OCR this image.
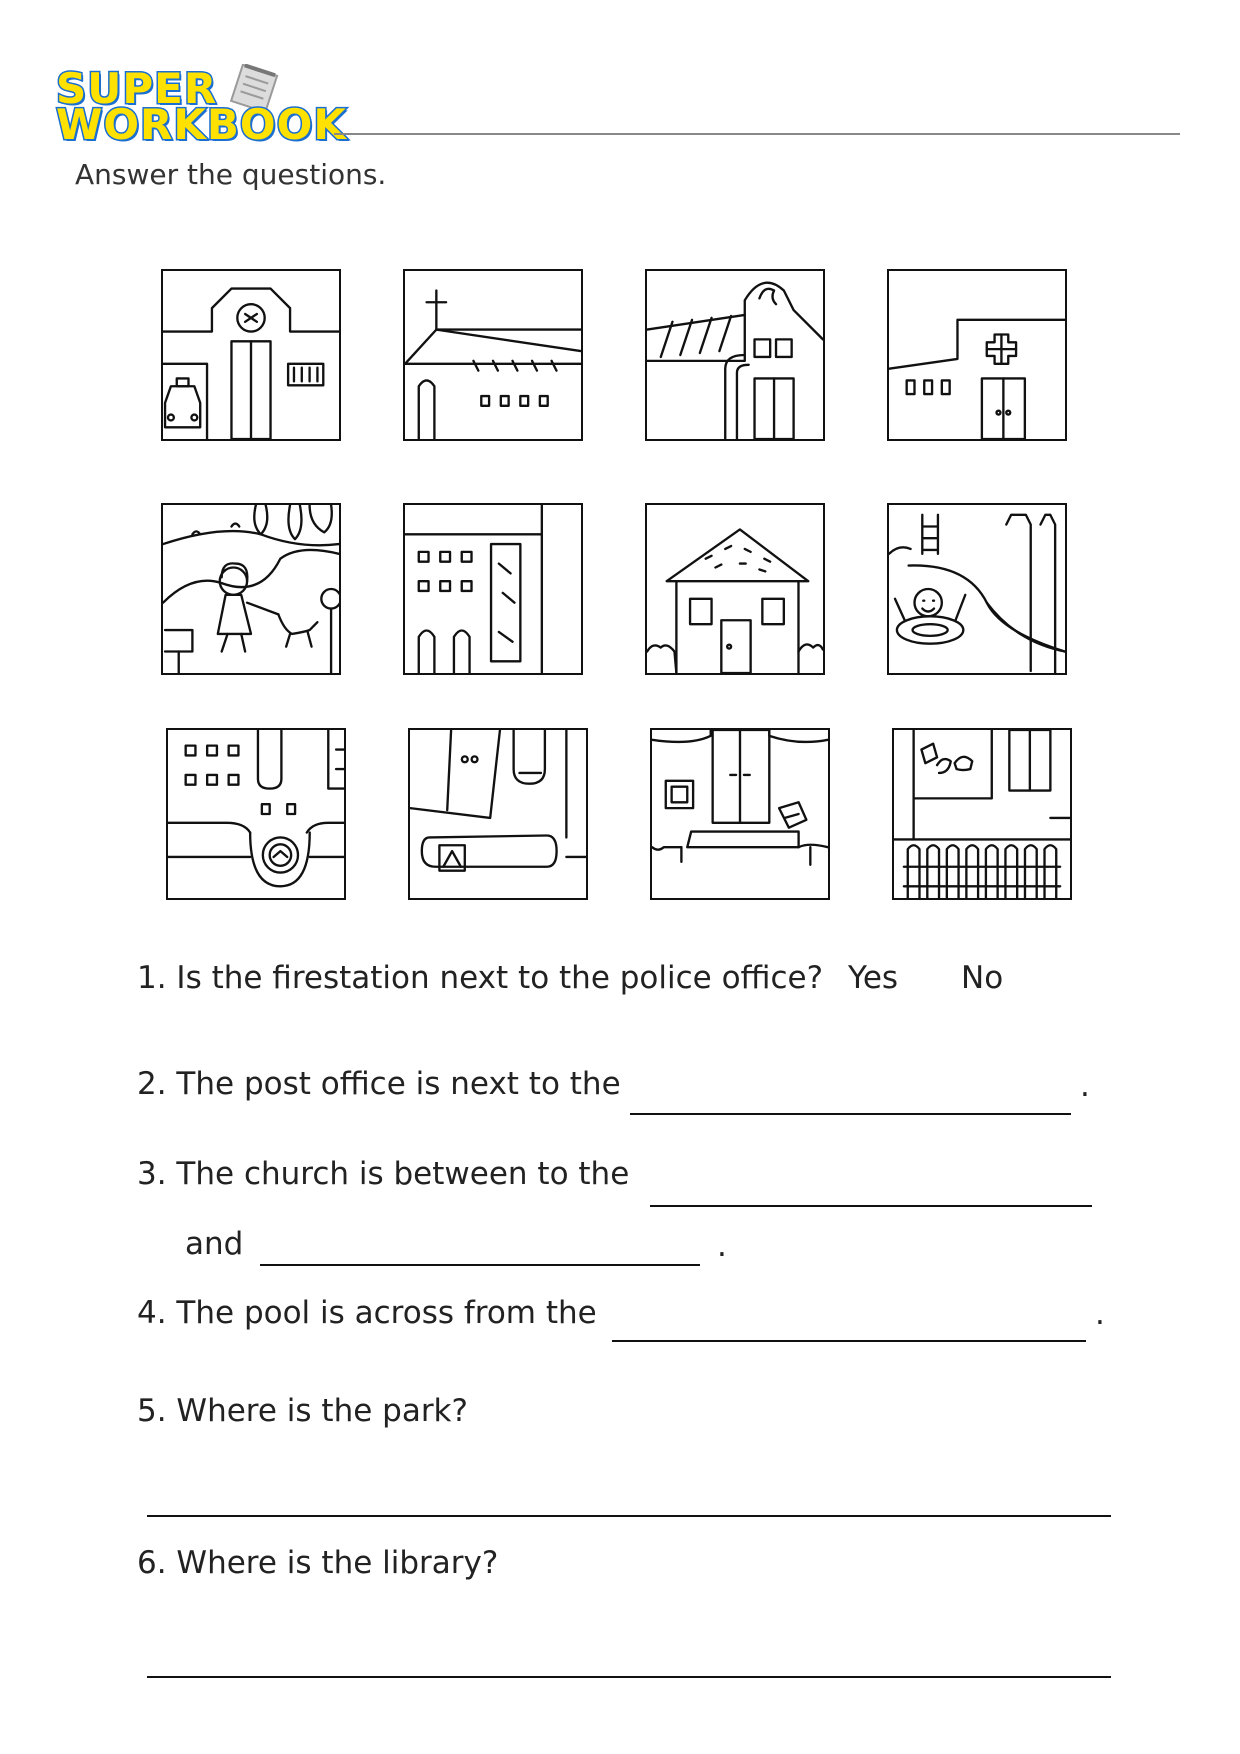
SUPER
WORKBOOK
Answer the questions.
1. Is the firestation next to the police office? Yes No
2. The post office is next to the	.
3. The church is between to the
and	.
4. The pool is across from the	.
5. Where is the park?
6. Where is the library?
